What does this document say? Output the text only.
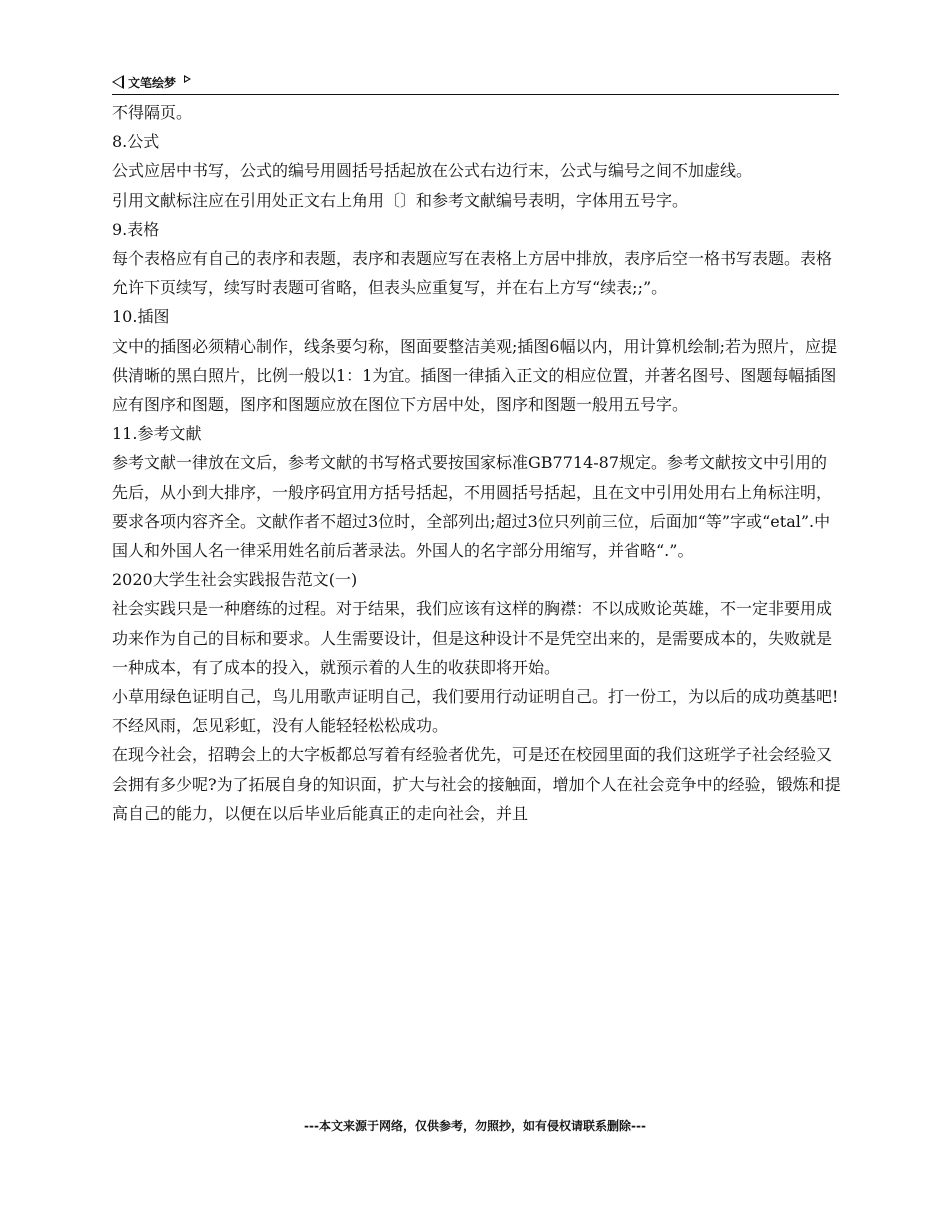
文笔绘梦

不得隔页。

8.公式

公式应居中书写，公式的编号用圆括号括起放在公式右边行末，公式与编号之间不加虚线。

引用文献标注应在引用处正文右上角用〔〕和参考文献编号表明，字体用五号字。

9.表格

每个表格应有自己的表序和表题，表序和表题应写在表格上方居中排放，表序后空一格书写表题。表格允许下页续写，续写时表题可省略，但表头应重复写，并在右上方写“续表;;”。

10.插图

文中的插图必须精心制作，线条要匀称，图面要整洁美观;插图6幅以内，用计算机绘制;若为照片，应提供清晰的黑白照片，比例一般以1：1为宜。插图一律插入正文的相应位置，并著名图号、图题每幅插图应有图序和图题，图序和图题应放在图位下方居中处，图序和图题一般用五号字。

11.参考文献

参考文献一律放在文后，参考文献的书写格式要按国家标准GB7714-87规定。参考文献按文中引用的先后，从小到大排序，一般序码宜用方括号括起，不用圆括号括起，且在文中引用处用右上角标注明，要求各项内容齐全。文献作者不超过3位时，全部列出;超过3位只列前三位，后面加“等”字或“etal”.中国人和外国人名一律采用姓名前后著录法。外国人的名字部分用缩写，并省略“.”。

2020大学生社会实践报告范文(一)

社会实践只是一种磨练的过程。对于结果，我们应该有这样的胸襟：不以成败论英雄，不一定非要用成功来作为自己的目标和要求。人生需要设计，但是这种设计不是凭空出来的，是需要成本的，失败就是一种成本，有了成本的投入，就预示着的人生的收获即将开始。

小草用绿色证明自己，鸟儿用歌声证明自己，我们要用行动证明自己。打一份工，为以后的成功奠基吧!

不经风雨，怎见彩虹，没有人能轻轻松松成功。

在现今社会，招聘会上的大字板都总写着有经验者优先，可是还在校园里面的我们这班学子社会经验又会拥有多少呢?为了拓展自身的知识面，扩大与社会的接触面，增加个人在社会竞争中的经验，锻炼和提高自己的能力，以便在以后毕业后能真正的走向社会，并且

---本文来源于网络，仅供参考，勿照抄，如有侵权请联系删除---
